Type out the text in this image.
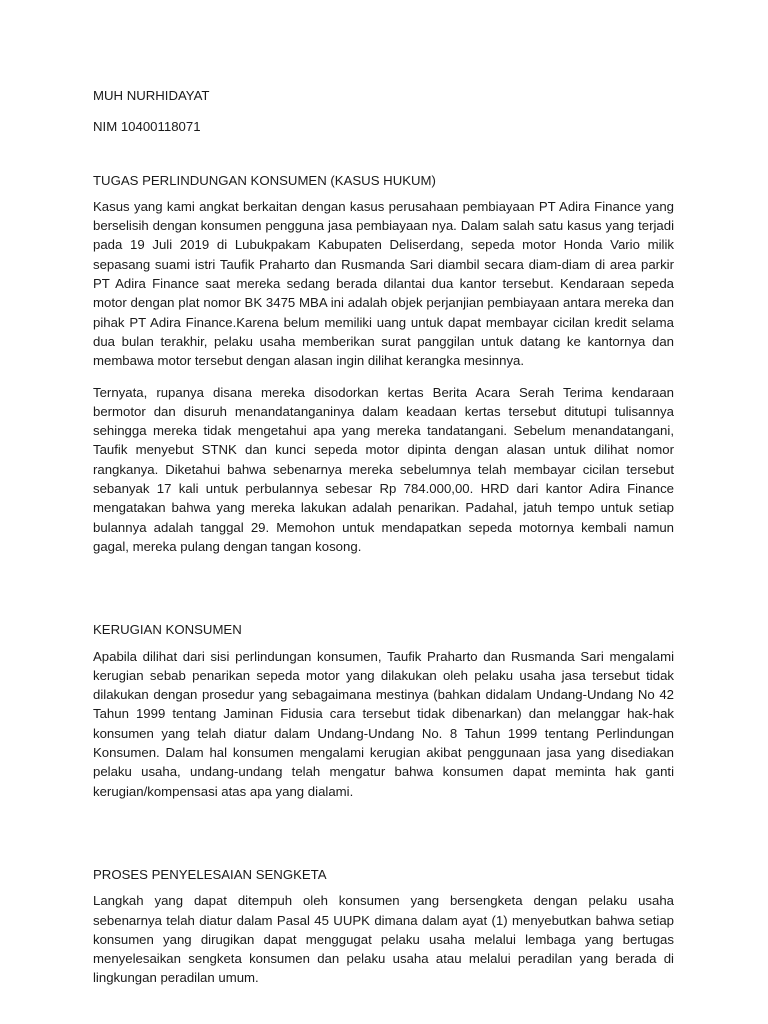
MUH NURHIDAYAT

NIM 10400118071

TUGAS PERLINDUNGAN KONSUMEN (KASUS HUKUM)

Kasus yang kami angkat berkaitan dengan kasus perusahaan pembiayaan PT Adira Finance yang berselisih dengan konsumen pengguna jasa pembiayaan nya. Dalam salah satu kasus yang terjadi pada 19 Juli 2019 di Lubukpakam Kabupaten Deliserdang, sepeda motor Honda Vario milik sepasang suami istri Taufik Praharto dan Rusmanda Sari diambil secara diam-diam di area parkir PT Adira Finance saat mereka sedang berada dilantai dua kantor tersebut. Kendaraan sepeda motor dengan plat nomor BK 3475 MBA ini adalah objek perjanjian pembiayaan antara mereka dan pihak PT Adira Finance.Karena belum memiliki uang untuk dapat membayar cicilan kredit selama dua bulan terakhir, pelaku usaha memberikan surat panggilan untuk datang ke kantornya dan membawa motor tersebut dengan alasan ingin dilihat kerangka mesinnya.

Ternyata, rupanya disana mereka disodorkan kertas Berita Acara Serah Terima kendaraan bermotor dan disuruh menandatanganinya dalam keadaan kertas tersebut ditutupi tulisannya sehingga mereka tidak mengetahui apa yang mereka tandatangani. Sebelum menandatangani, Taufik menyebut STNK dan kunci sepeda motor dipinta dengan alasan untuk dilihat nomor rangkanya. Diketahui bahwa sebenarnya mereka sebelumnya telah membayar cicilan tersebut sebanyak 17 kali untuk perbulannya sebesar Rp 784.000,00. HRD dari kantor Adira Finance mengatakan bahwa yang mereka lakukan adalah penarikan. Padahal, jatuh tempo untuk setiap bulannya adalah tanggal 29. Memohon untuk mendapatkan sepeda motornya kembali namun gagal, mereka pulang dengan tangan kosong.

KERUGIAN KONSUMEN

Apabila dilihat dari sisi perlindungan konsumen, Taufik Praharto dan Rusmanda Sari mengalami kerugian sebab penarikan sepeda motor yang dilakukan oleh pelaku usaha jasa tersebut tidak dilakukan dengan prosedur yang sebagaimana mestinya (bahkan didalam Undang-Undang No 42 Tahun 1999 tentang Jaminan Fidusia cara tersebut tidak dibenarkan) dan melanggar hak-hak konsumen yang telah diatur dalam Undang-Undang No. 8 Tahun 1999 tentang Perlindungan Konsumen. Dalam hal konsumen mengalami kerugian akibat penggunaan jasa yang disediakan pelaku usaha, undang-undang telah mengatur bahwa konsumen dapat meminta hak ganti kerugian/kompensasi atas apa yang dialami.

PROSES PENYELESAIAN SENGKETA

Langkah yang dapat ditempuh oleh konsumen yang bersengketa dengan pelaku usaha sebenarnya telah diatur dalam Pasal 45 UUPK dimana dalam ayat (1) menyebutkan bahwa setiap konsumen yang dirugikan dapat menggugat pelaku usaha melalui lembaga yang bertugas menyelesaikan sengketa konsumen dan pelaku usaha atau melalui peradilan yang berada di lingkungan peradilan umum.
